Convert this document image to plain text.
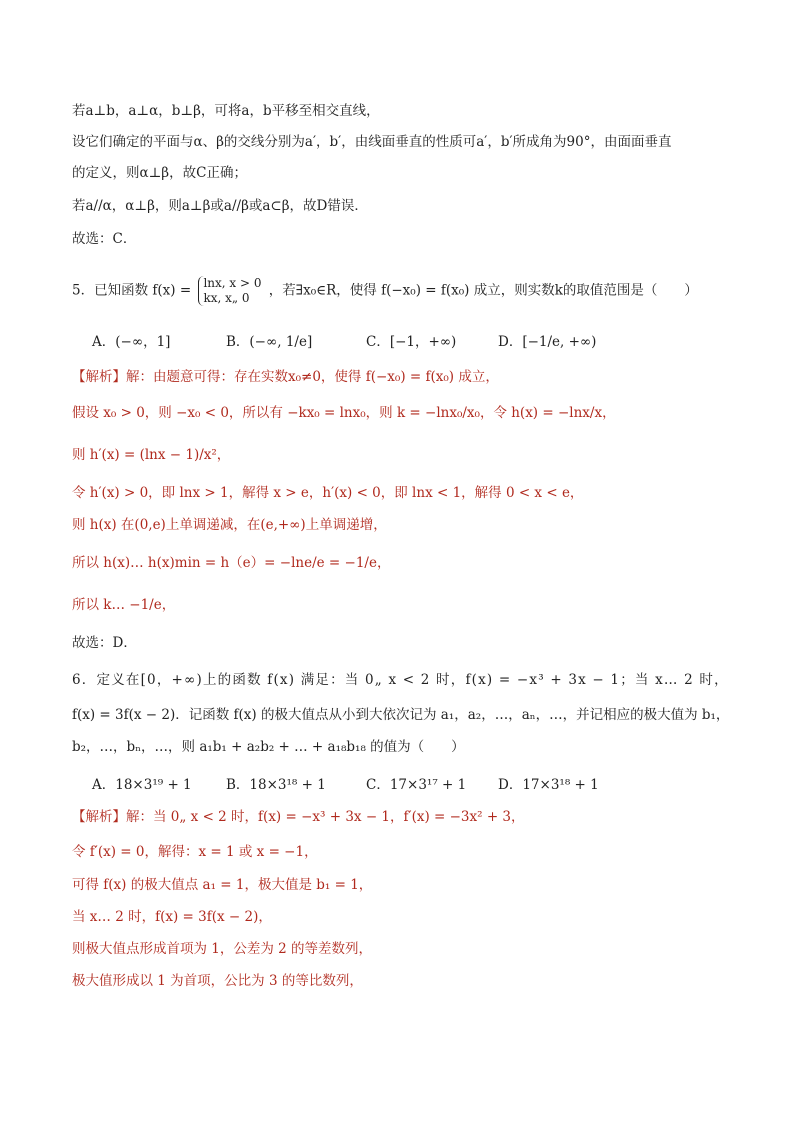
若a⊥b，a⊥α，b⊥β，可将a，b平移至相交直线，
设它们确定的平面与α、β的交线分别为a′，b′，由线面垂直的性质可a′，b′所成角为90°，由面面垂直
的定义，则α⊥β，故C正确；
若a//α，α⊥β，则a⊥β或a//β或a⊂β，故D错误．
故选：C．
5．已知函数 f(x) = lnx, x > 0
kx, x„ 0	，若∃x₀∈R，使得 f(−x₀) = f(x₀) 成立，则实数k的取值范围是（　　）
A．(−∞，1]	B．(−∞, 1/e]	C．[−1，+∞)	D．[−1/e, +∞)
【解析】解：由题意可得：存在实数x₀≠0，使得 f(−x₀) = f(x₀) 成立，
假设 x₀ > 0，则 −x₀ < 0，所以有 −kx₀ = lnx₀，则 k = −lnx₀/x₀，令 h(x) = −lnx/x，
则 h′(x) = (lnx − 1)/x²，
令 h′(x) > 0，即 lnx > 1，解得 x > e，h′(x) < 0，即 lnx < 1，解得 0 < x < e，
则 h(x) 在(0,e)上单调递减，在(e,+∞)上单调递增，
所以 h(x)… h(x)min = h（e）= −lne/e = −1/e，
所以 k… −1/e，
故选：D．
6．定义在[0，+∞)上的函数 f(x) 满足：当 0„ x < 2 时，f(x) = −x³ + 3x − 1；当 x… 2 时，
f(x) = 3f(x − 2)．记函数 f(x) 的极大值点从小到大依次记为 a₁，a₂，…，aₙ，…，并记相应的极大值为 b₁，
b₂，…，bₙ，…，则 a₁b₁ + a₂b₂ + … + a₁₈b₁₈ 的值为（　　）
A．18×3¹⁹ + 1	B．18×3¹⁸ + 1	C．17×3¹⁷ + 1 D．17×3¹⁸ + 1
【解析】解：当 0„ x < 2 时，f(x) = −x³ + 3x − 1，f′(x) = −3x² + 3，
令 f′(x) = 0，解得：x = 1 或 x = −1，
可得 f(x) 的极大值点 a₁ = 1，极大值是 b₁ = 1，
当 x… 2 时，f(x) = 3f(x − 2)，
则极大值点形成首项为 1，公差为 2 的等差数列，
极大值形成以 1 为首项，公比为 3 的等比数列，
